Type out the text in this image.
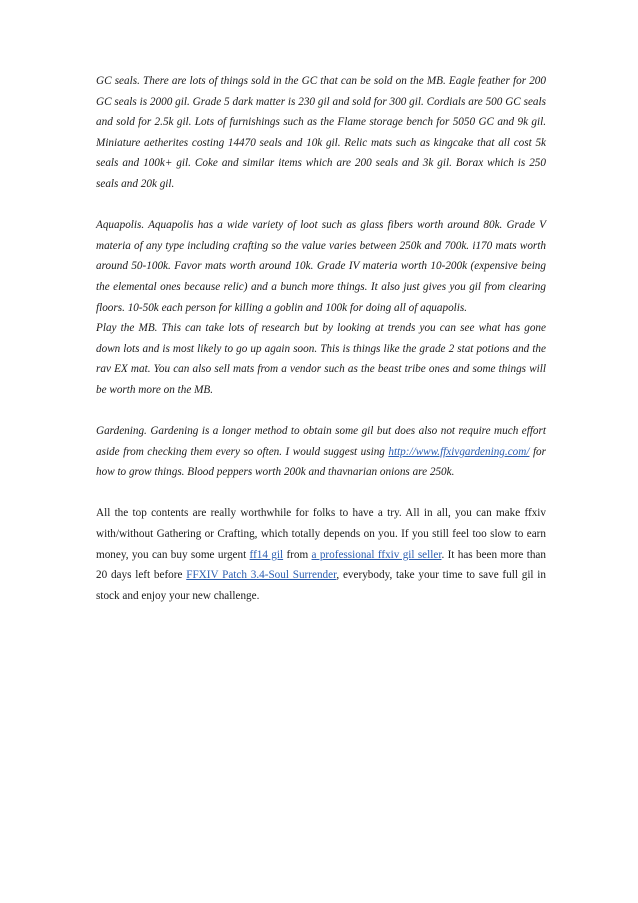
GC seals. There are lots of things sold in the GC that can be sold on the MB. Eagle feather for 200 GC seals is 2000 gil. Grade 5 dark matter is 230 gil and sold for 300 gil. Cordials are 500 GC seals and sold for 2.5k gil. Lots of furnishings such as the Flame storage bench for 5050 GC and 9k gil. Miniature aetherites costing 14470 seals and 10k gil. Relic mats such as kingcake that all cost 5k seals and 100k+ gil. Coke and similar items which are 200 seals and 3k gil. Borax which is 250 seals and 20k gil.

Aquapolis. Aquapolis has a wide variety of loot such as glass fibers worth around 80k. Grade V materia of any type including crafting so the value varies between 250k and 700k. i170 mats worth around 50-100k. Favor mats worth around 10k. Grade IV materia worth 10-200k (expensive being the elemental ones because relic) and a bunch more things. It also just gives you gil from clearing floors. 10-50k each person for killing a goblin and 100k for doing all of aquapolis.

Play the MB. This can take lots of research but by looking at trends you can see what has gone down lots and is most likely to go up again soon. This is things like the grade 2 stat potions and the rav EX mat. You can also sell mats from a vendor such as the beast tribe ones and some things will be worth more on the MB.

Gardening. Gardening is a longer method to obtain some gil but does also not require much effort aside from checking them every so often. I would suggest using http://www.ffxivgardening.com/ for how to grow things. Blood peppers worth 200k and thavnarian onions are 250k.

All the top contents are really worthwhile for folks to have a try. All in all, you can make ffxiv with/without Gathering or Crafting, which totally depends on you. If you still feel too slow to earn money, you can buy some urgent ff14 gil from a professional ffxiv gil seller. It has been more than 20 days left before FFXIV Patch 3.4-Soul Surrender, everybody, take your time to save full gil in stock and enjoy your new challenge.
